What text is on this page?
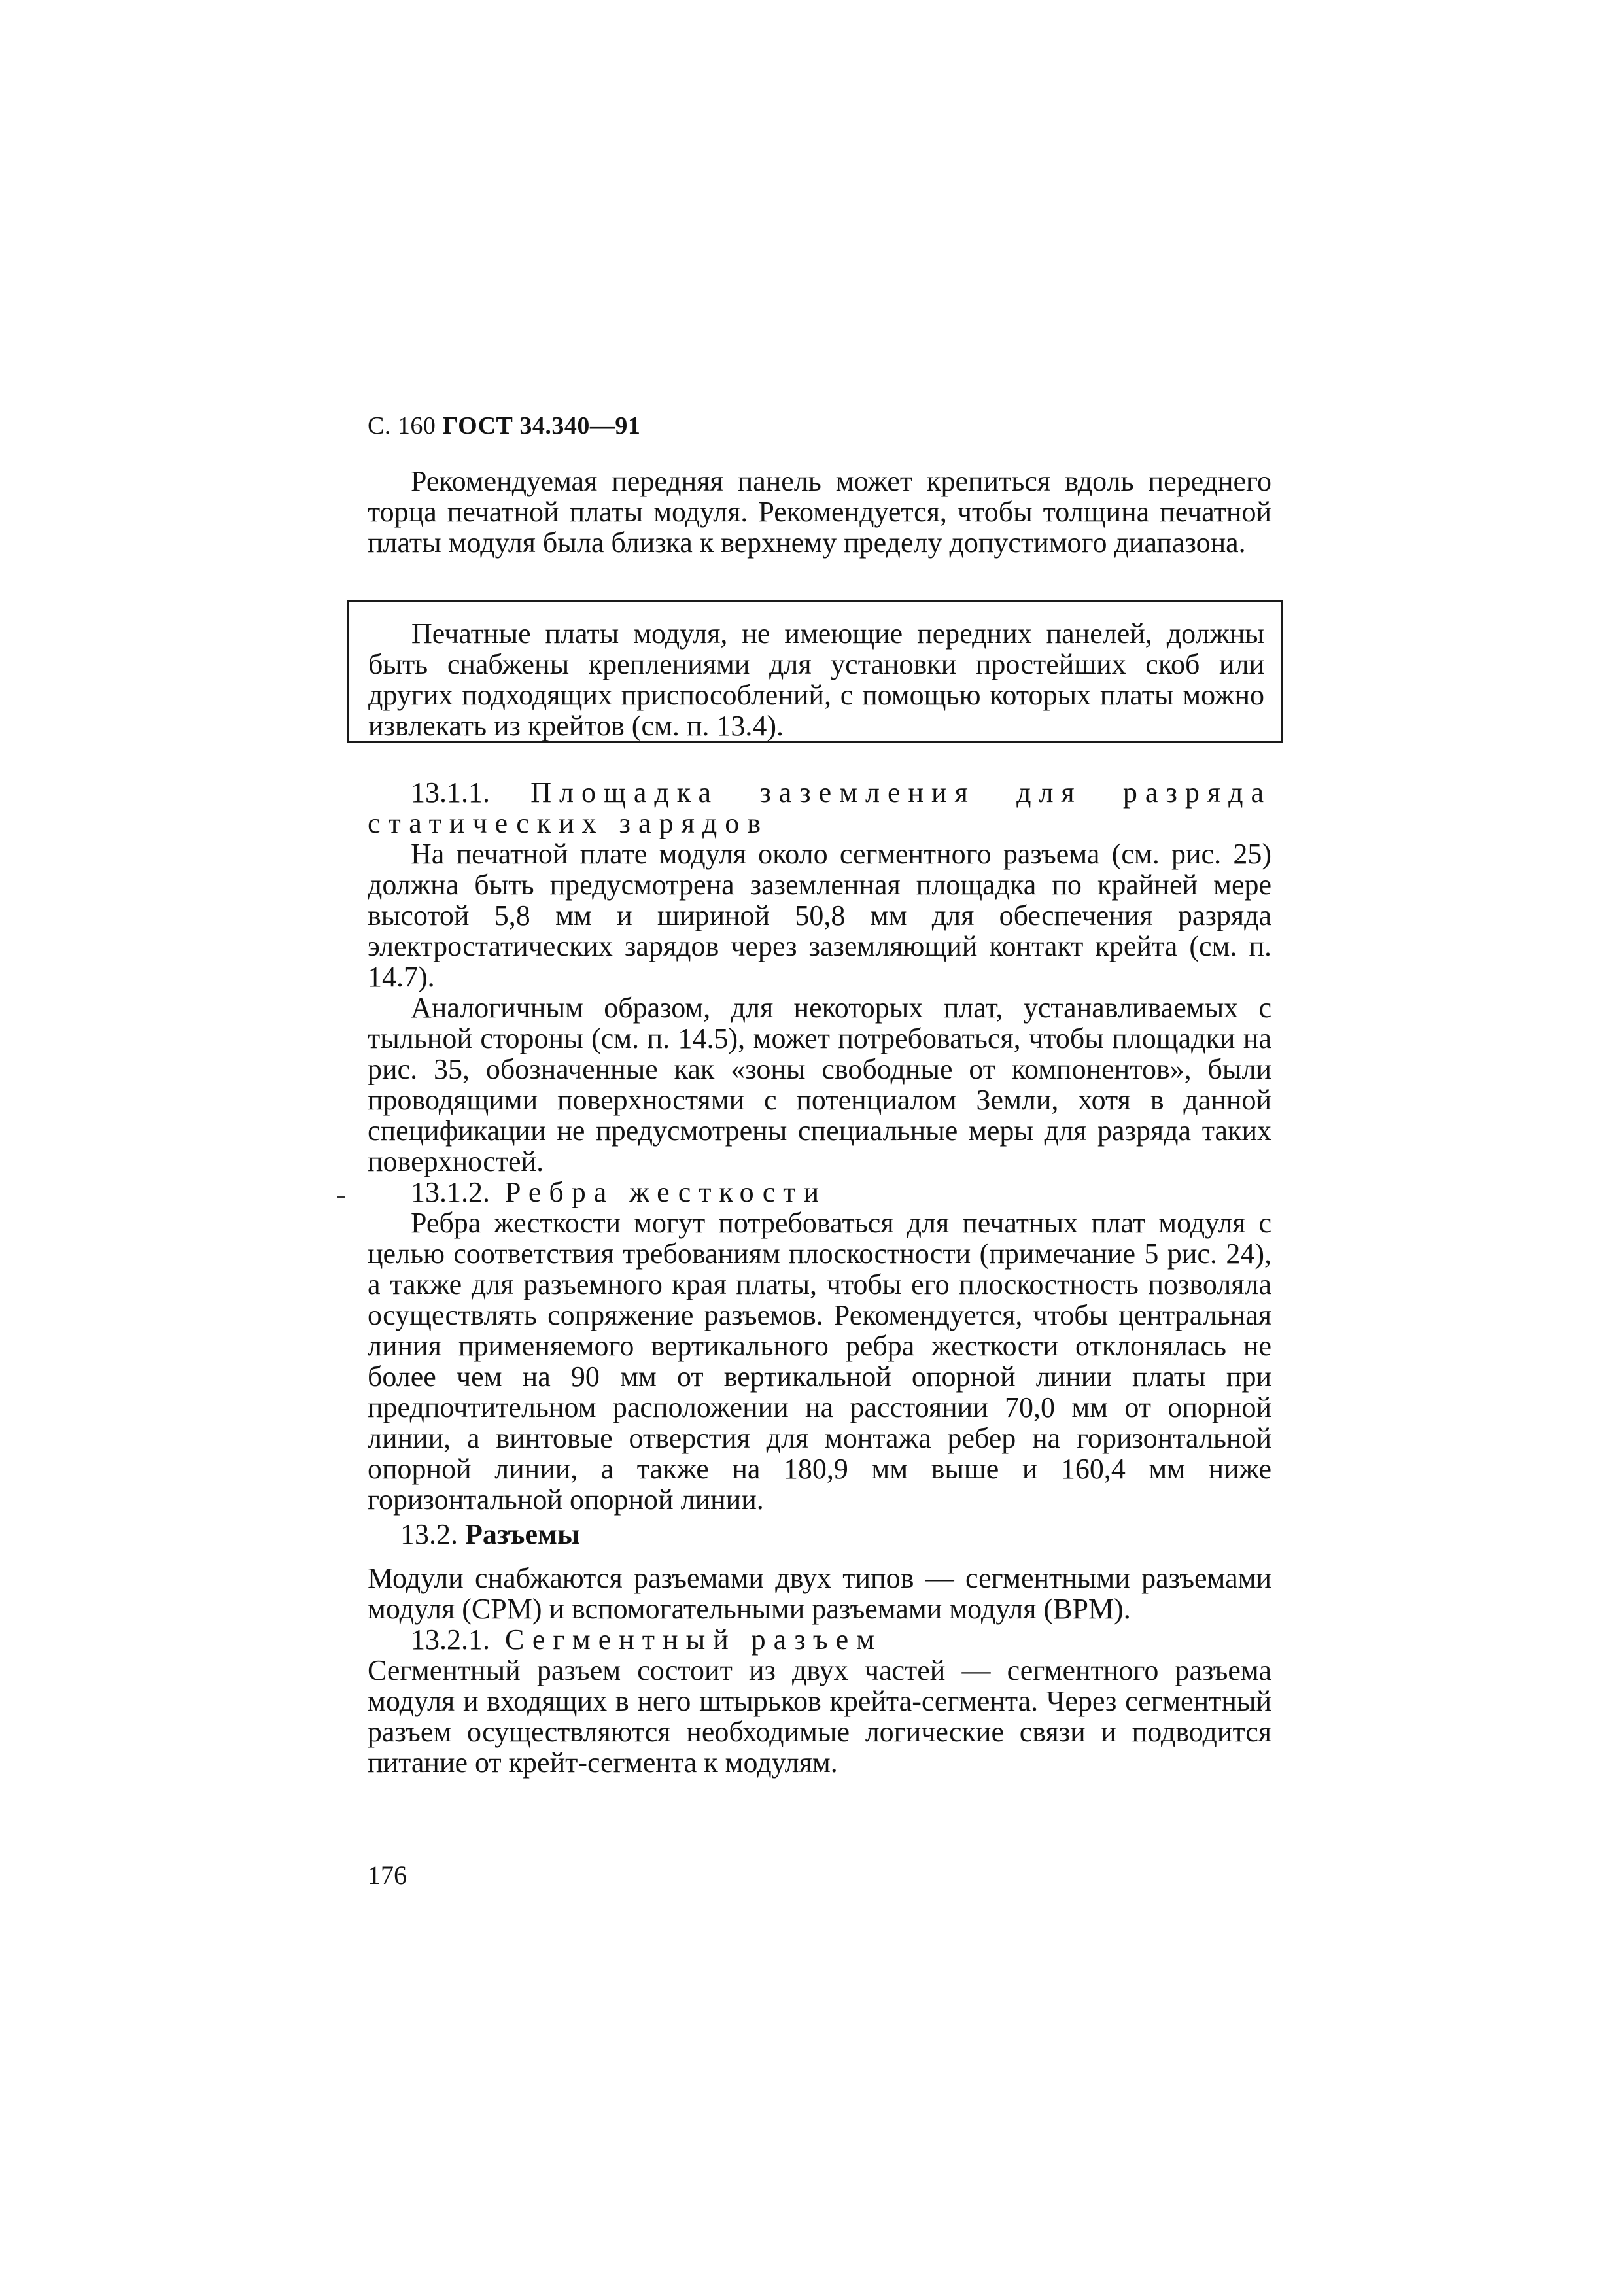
С. 160 ГОСТ 34.340—91

Рекомендуемая передняя панель может крепиться вдоль переднего торца печатной платы модуля. Рекомендуется, чтобы толщина печатной платы модуля была близка к верхнему пределу допустимого диапазона.

Печатные платы модуля, не имеющие передних панелей, должны быть снабжены креплениями для установки простейших скоб или других подходящих приспособлений, с помощью которых платы можно извлекать из крейтов (см. п. 13.4).

13.1.1. Площадка заземления для разряда статических зарядов

На печатной плате модуля около сегментного разъема (см. рис. 25) должна быть предусмотрена заземленная площадка по крайней мере высотой 5,8 мм и шириной 50,8 мм для обеспечения разряда электростатических зарядов через заземляющий контакт крейта (см. п. 14.7).

Аналогичным образом, для некоторых плат, устанавливаемых с тыльной стороны (см. п. 14.5), может потребоваться, чтобы площадки на рис. 35, обозначенные как «зоны свободные от компонентов», были проводящими поверхностями с потенциалом Земли, хотя в данной спецификации не предусмотрены специальные меры для разряда таких поверхностей.

13.1.2. Ребра жесткости

Ребра жесткости могут потребоваться для печатных плат модуля с целью соответствия требованиям плоскостности (примечание 5 рис. 24), а также для разъемного края платы, чтобы его плоскостность позволяла осуществлять сопряжение разъемов. Рекомендуется, чтобы центральная линия применяемого вертикального ребра жесткости отклонялась не более чем на 90 мм от вертикальной опорной линии платы при предпочтительном расположении на расстоянии 70,0 мм от опорной линии, а винтовые отверстия для монтажа ребер на горизонтальной опорной линии, а также на 180,9 мм выше и 160,4 мм ниже горизонтальной опорной линии.

13.2. Разъемы

Модули снабжаются разъемами двух типов — сегментными разъемами модуля (СРМ) и вспомогательными разъемами модуля (ВРМ).

13.2.1. Сегментный разъем

Сегментный разъем состоит из двух частей — сегментного разъема модуля и входящих в него штырьков крейта-сегмента. Через сегментный разъем осуществляются необходимые логические связи и подводится питание от крейт-сегмента к модулям.

176
